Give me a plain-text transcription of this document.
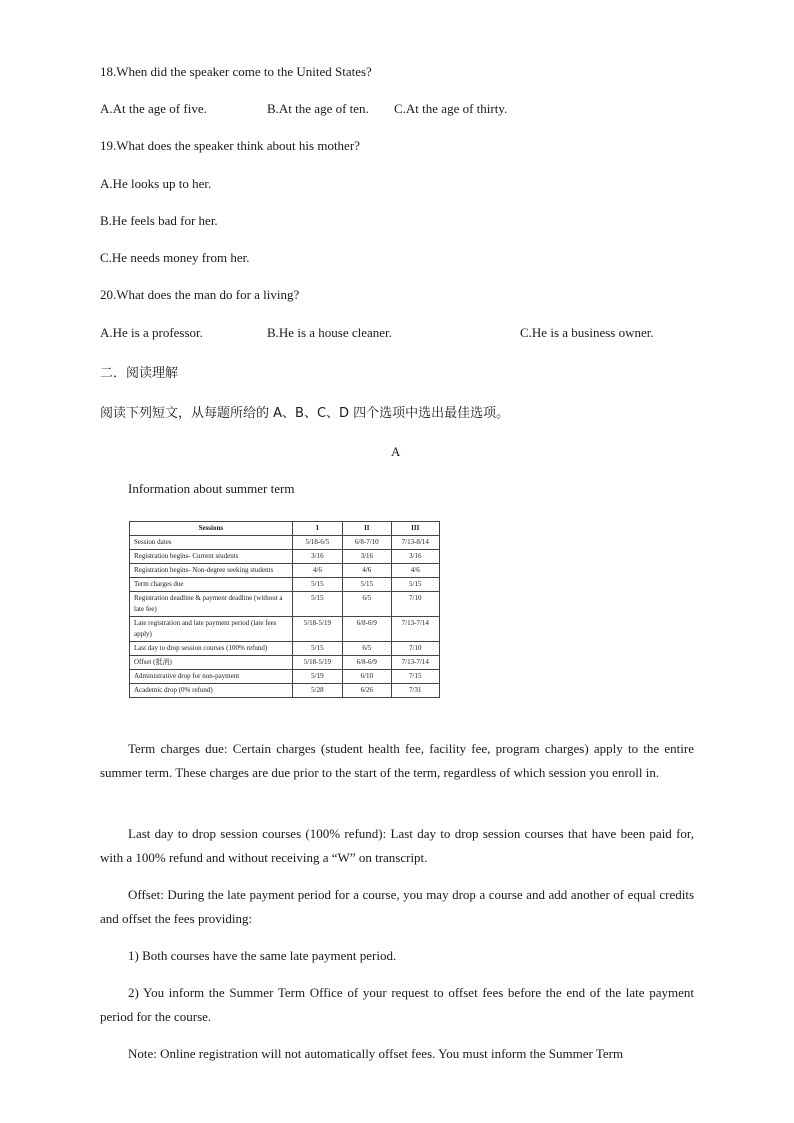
18.When did the speaker come to the United States?
A.At the age of five.	B.At the age of ten. C.At the age of thirty.
19.What does the speaker think about his mother?
A.He looks up to her.
B.He feels bad for her.
C.He needs money from her.
20.What does the man do for a living?
A.He is a professor.	B.He is a house cleaner.	C.He is a business owner.
二．阅读理解
阅读下列短文，从每题所给的 A、B、C、D 四个选项中选出最佳选项。
A
Information about summer term
Sessions	I	II	III
Session dates	5/18-6/5	6/8-7/10	7/13-8/14
Registration begins- Current students	3/16	3/16	3/16
Registration begins- Non-degree seeking students	4/6	4/6	4/6
Term charges due	5/15	5/15	5/15
Registration deadline & payment deadline (without a late fee)	5/15	6/5	7/10
Late registration and late payment period (late fees apply)	5/18-5/19	6/8-6/9	7/13-7/14
Last day to drop session courses (100% refund)	5/15	6/5	7/10
Offset (抵消)	5/18-5/19	6/8-6/9	7/13-7/14
Administrative drop for non-payment	5/19	6/10	7/15
Academic drop (0% refund)	5/28	6/26	7/31
Term charges due: Certain charges (student health fee, facility fee, program charges) apply to the entire summer term. These charges are due prior to the start of the term, regardless of which session you enroll in.
Last day to drop session courses (100% refund): Last day to drop session courses that have been paid for, with a 100% refund and without receiving a “W” on transcript.
Offset: During the late payment period for a course, you may drop a course and add another of equal credits and offset the fees providing:
1) Both courses have the same late payment period.
2) You inform the Summer Term Office of your request to offset fees before the end of the late payment period for the course.
Note: Online registration will not automatically offset fees. You must inform the Summer Term
